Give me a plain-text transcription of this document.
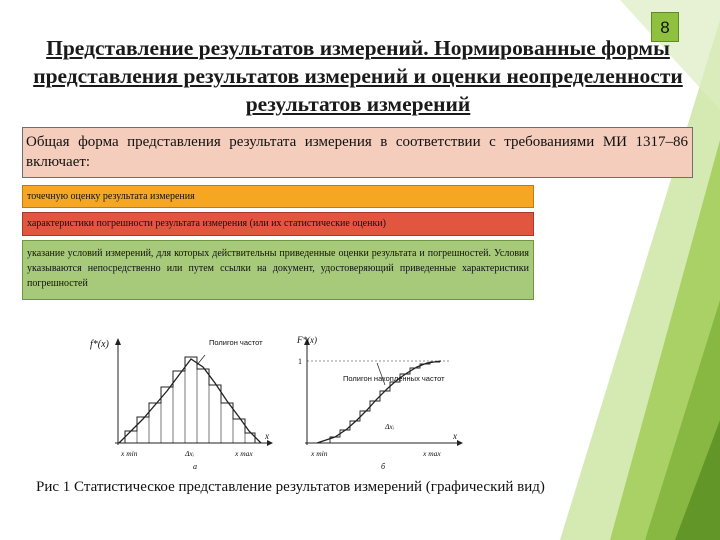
8
Представление результатов измерений. Нормированные формы представления результатов измерений и оценки неопределенности результатов измерений
Общая форма представления результата измерения в соответствии с требованиями МИ 1317–86 включает:
точечную оценку результата измерения
характеристики погрешности результата измерения (или их статистические оценки)
указание условий измерений, для которых действительны приведенные оценки результата и погрешностей. Условия указываются непосредственно или путем ссылки на документ, удостоверяющий приведенные характеристики погрешностей
f*(x)	Полигон частот
x
x min	x max
Δxᵢ
а
F*(x)
1
Полигон накопленных частот
x
x min	x max
Δxᵢ
б
Рис 1 Статистическое представление результатов измерений (графический вид)
